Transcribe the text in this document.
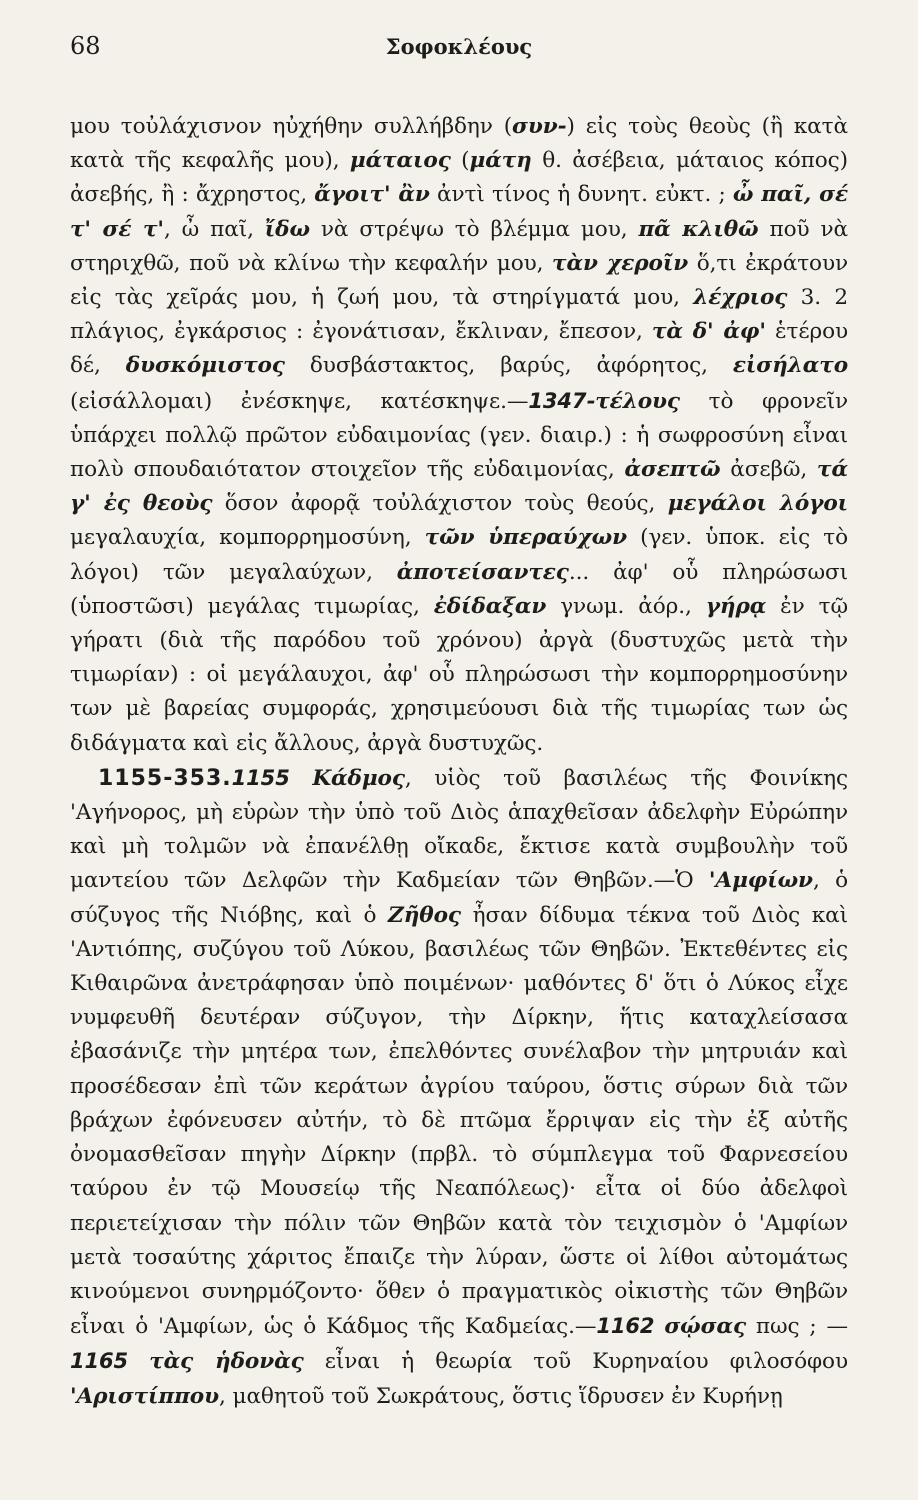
68	Σοφοκλέους

μου τοὐλάχισνον ηὐχήθην συλλήβδην (συν-) εἰς τοὺς θεοὺς (ἢ κατὰ κατὰ τῆς κεφαλῆς μου), μάταιος (μάτη θ. ἀσέβεια, μάταιος κόπος) ἀσεβής, ἢ : ἄχρηστος, ἄγοιτ' ἂν ἀντὶ τίνος ἡ δυνητ. εὐκτ. ; ὦ παῖ, σέ τ' σέ τ', ὦ παῖ, ἴδω νὰ στρέψω τὸ βλέμμα μου, πᾶ κλιθῶ ποῦ νὰ στηριχθῶ, ποῦ νὰ κλίνω τὴν κεφαλήν μου, τὰν χεροῖν ὅ,τι ἐκράτουν εἰς τὰς χεῖράς μου, ἡ ζωή μου, τὰ στηρίγματά μου, λέχριος 3. 2 πλάγιος, ἐγκάρσιος : ἐγονάτισαν, ἔκλιναν, ἔπεσον, τὰ δ' ἀφ' ἑτέρου δέ, δυσκόμιστος δυσβάστακτος, βαρύς, ἀφόρητος, εἰσήλατο (εἰσάλλομαι) ἐνέσκηψε, κατέσκηψε.—1347-τέλους τὸ φρονεῖν ὑπάρχει πολλῷ πρῶτον εὐδαιμονίας (γεν. διαιρ.) : ἡ σωφροσύνη εἶναι πολὺ σπουδαιότατον στοιχεῖον τῆς εὐδαιμονίας, ἀσεπτῶ ἀσεβῶ, τά γ' ἐς θεοὺς ὅσον ἀφορᾷ τοὐλάχιστον τοὺς θεούς, μεγάλοι λόγοι μεγαλαυχία, κομπορρημοσύνη, τῶν ὑπεραύχων (γεν. ὑποκ. εἰς τὸ λόγοι) τῶν μεγαλαύχων, ἀποτείσαντες... ἀφ' οὗ πληρώσωσι (ὑποστῶσι) μεγάλας τιμωρίας, ἐδίδαξαν γνωμ. ἀόρ., γήρᾳ ἐν τῷ γήρατι (διὰ τῆς παρόδου τοῦ χρόνου) ἀργὰ (δυστυχῶς μετὰ τὴν τιμωρίαν) : οἱ μεγάλαυχοι, ἀφ' οὗ πληρώσωσι τὴν κομπορρημοσύνην των μὲ βαρείας συμφοράς, χρησιμεύουσι διὰ τῆς τιμωρίας των ὡς διδάγματα καὶ εἰς ἄλλους, ἀργὰ δυστυχῶς.

1155-353.1155 Κάδμος, υἱὸς τοῦ βασιλέως τῆς Φοινίκης 'Αγήνορος, μὴ εὑρὼν τὴν ὑπὸ τοῦ Διὸς ἁπαχθεῖσαν ἀδελφὴν Εὐρώπην καὶ μὴ τολμῶν νὰ ἐπανέλθῃ οἴκαδε, ἔκτισε κατὰ συμβουλὴν τοῦ μαντείου τῶν Δελφῶν τὴν Καδμείαν τῶν Θηβῶν.—Ὁ 'Αμφίων, ὁ σύζυγος τῆς Νιόβης, καὶ ὁ Ζῆθος ἦσαν δίδυμα τέκνα τοῦ Διὸς καὶ 'Αντιόπης, συζύγου τοῦ Λύκου, βασιλέως τῶν Θηβῶν. Ἐκτεθέντες εἰς Κιθαιρῶνα ἀνετράφησαν ὑπὸ ποιμένων· μαθόντες δ' ὅτι ὁ Λύκος εἶχε νυμφευθῆ δευτέραν σύζυγον, τὴν Δίρκην, ἥτις καταχλείσασα ἐβασάνιζε τὴν μητέρα των, ἐπελθόντες συνέλαβον τὴν μητρυιάν καὶ προσέδεσαν ἐπὶ τῶν κεράτων ἀγρίου ταύρου, ὅστις σύρων διὰ τῶν βράχων ἐφόνευσεν αὐτήν, τὸ δὲ πτῶμα ἔρριψαν εἰς τὴν ἐξ αὐτῆς ὀνομασθεῖσαν πηγὴν Δίρκην (πρβλ. τὸ σύμπλεγμα τοῦ Φαρνεσείου ταύρου ἐν τῷ Μουσείῳ τῆς Νεαπόλεως)· εἶτα οἱ δύο ἀδελφοὶ περιετείχισαν τὴν πόλιν τῶν Θηβῶν κατὰ τὸν τειχισμὸν ὁ 'Αμφίων μετὰ τοσαύτης χάριτος ἔπαιζε τὴν λύραν, ὥστε οἱ λίθοι αὐτομάτως κινούμενοι συνηρμόζοντο· ὅθεν ὁ πραγματικὸς οἰκιστὴς τῶν Θηβῶν εἶναι ὁ 'Αμφίων, ὡς ὁ Κάδμος τῆς Καδμείας.—1162 σῴσας πως ; —1165 τὰς ἡδονὰς εἶναι ἡ θεωρία τοῦ Κυρηναίου φιλοσόφου 'Αριστίππου, μαθητοῦ τοῦ Σωκράτους, ὅστις ἵδρυσεν ἐν Κυρήνῃ
